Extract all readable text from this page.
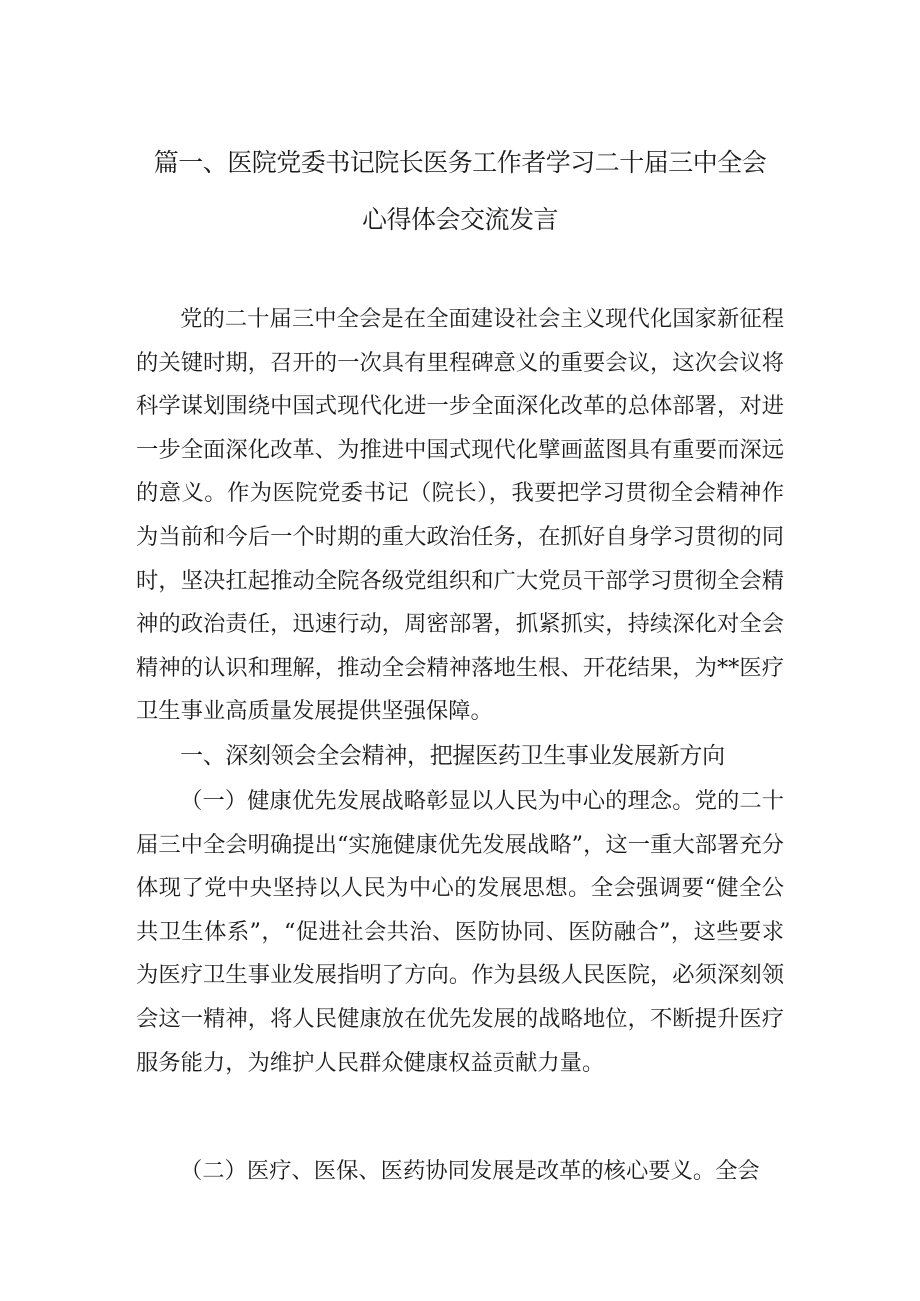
篇一、医院党委书记院长医务工作者学习二十届三中全会
心得体会交流发言

党的二十届三中全会是在全面建设社会主义现代化国家新征程的关键时期，召开的一次具有里程碑意义的重要会议，这次会议将科学谋划围绕中国式现代化进一步全面深化改革的总体部署，对进一步全面深化改革、为推进中国式现代化擘画蓝图具有重要而深远的意义。作为医院党委书记（院长），我要把学习贯彻全会精神作为当前和今后一个时期的重大政治任务，在抓好自身学习贯彻的同时，坚决扛起推动全院各级党组织和广大党员干部学习贯彻全会精神的政治责任，迅速行动，周密部署，抓紧抓实，持续深化对全会精神的认识和理解，推动全会精神落地生根、开花结果，为**医疗卫生事业高质量发展提供坚强保障。

一、深刻领会全会精神，把握医药卫生事业发展新方向

（一）健康优先发展战略彰显以人民为中心的理念。党的二十届三中全会明确提出“实施健康优先发展战略”，这一重大部署充分体现了党中央坚持以人民为中心的发展思想。全会强调要“健全公共卫生体系”，“促进社会共治、医防协同、医防融合”，这些要求为医疗卫生事业发展指明了方向。作为县级人民医院，必须深刻领会这一精神，将人民健康放在优先发展的战略地位，不断提升医疗服务能力，为维护人民群众健康权益贡献力量。

（二）医疗、医保、医药协同发展是改革的核心要义。全会
